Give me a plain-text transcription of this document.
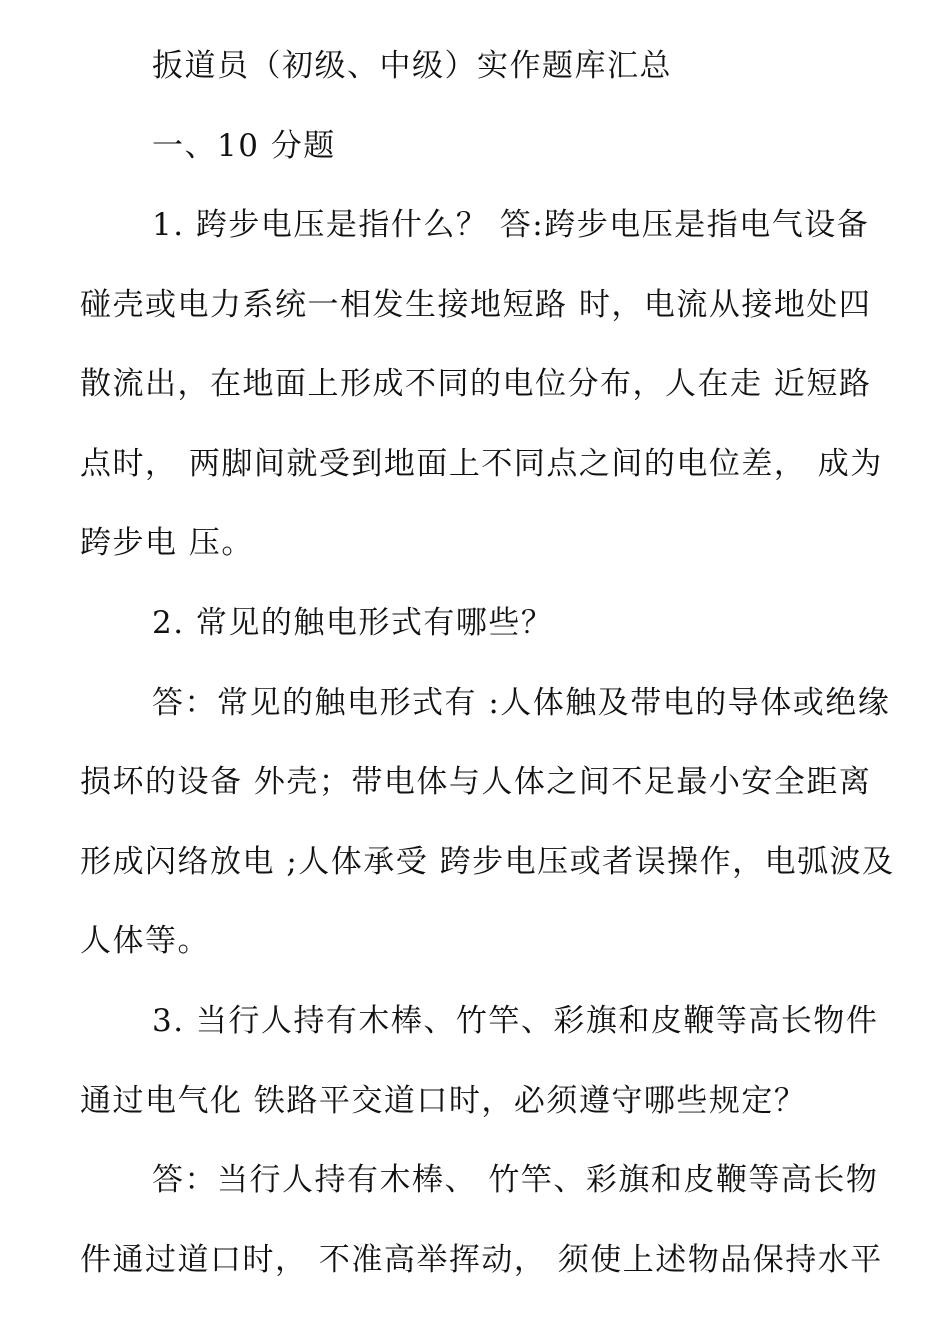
扳道员（初级、中级）实作题库汇总
一、10 分题
1. 跨步电压是指什么？ 答:跨步电压是指电气设备
碰壳或电力系统一相发生接地短路 时，电流从接地处四
散流出，在地面上形成不同的电位分布，人在走 近短路
点时， 两脚间就受到地面上不同点之间的电位差， 成为
跨步电 压。
2. 常见的触电形式有哪些？
答：常见的触电形式有 :人体触及带电的导体或绝缘
损坏的设备 外壳；带电体与人体之间不足最小安全距离
形成闪络放电 ;人体承受 跨步电压或者误操作，电弧波及
人体等。
3. 当行人持有木棒、竹竿、彩旗和皮鞭等高长物件
通过电气化 铁路平交道口时，必须遵守哪些规定？
答：当行人持有木棒、 竹竿、彩旗和皮鞭等高长物
件通过道口时， 不准高举挥动， 须使上述物品保持水平
